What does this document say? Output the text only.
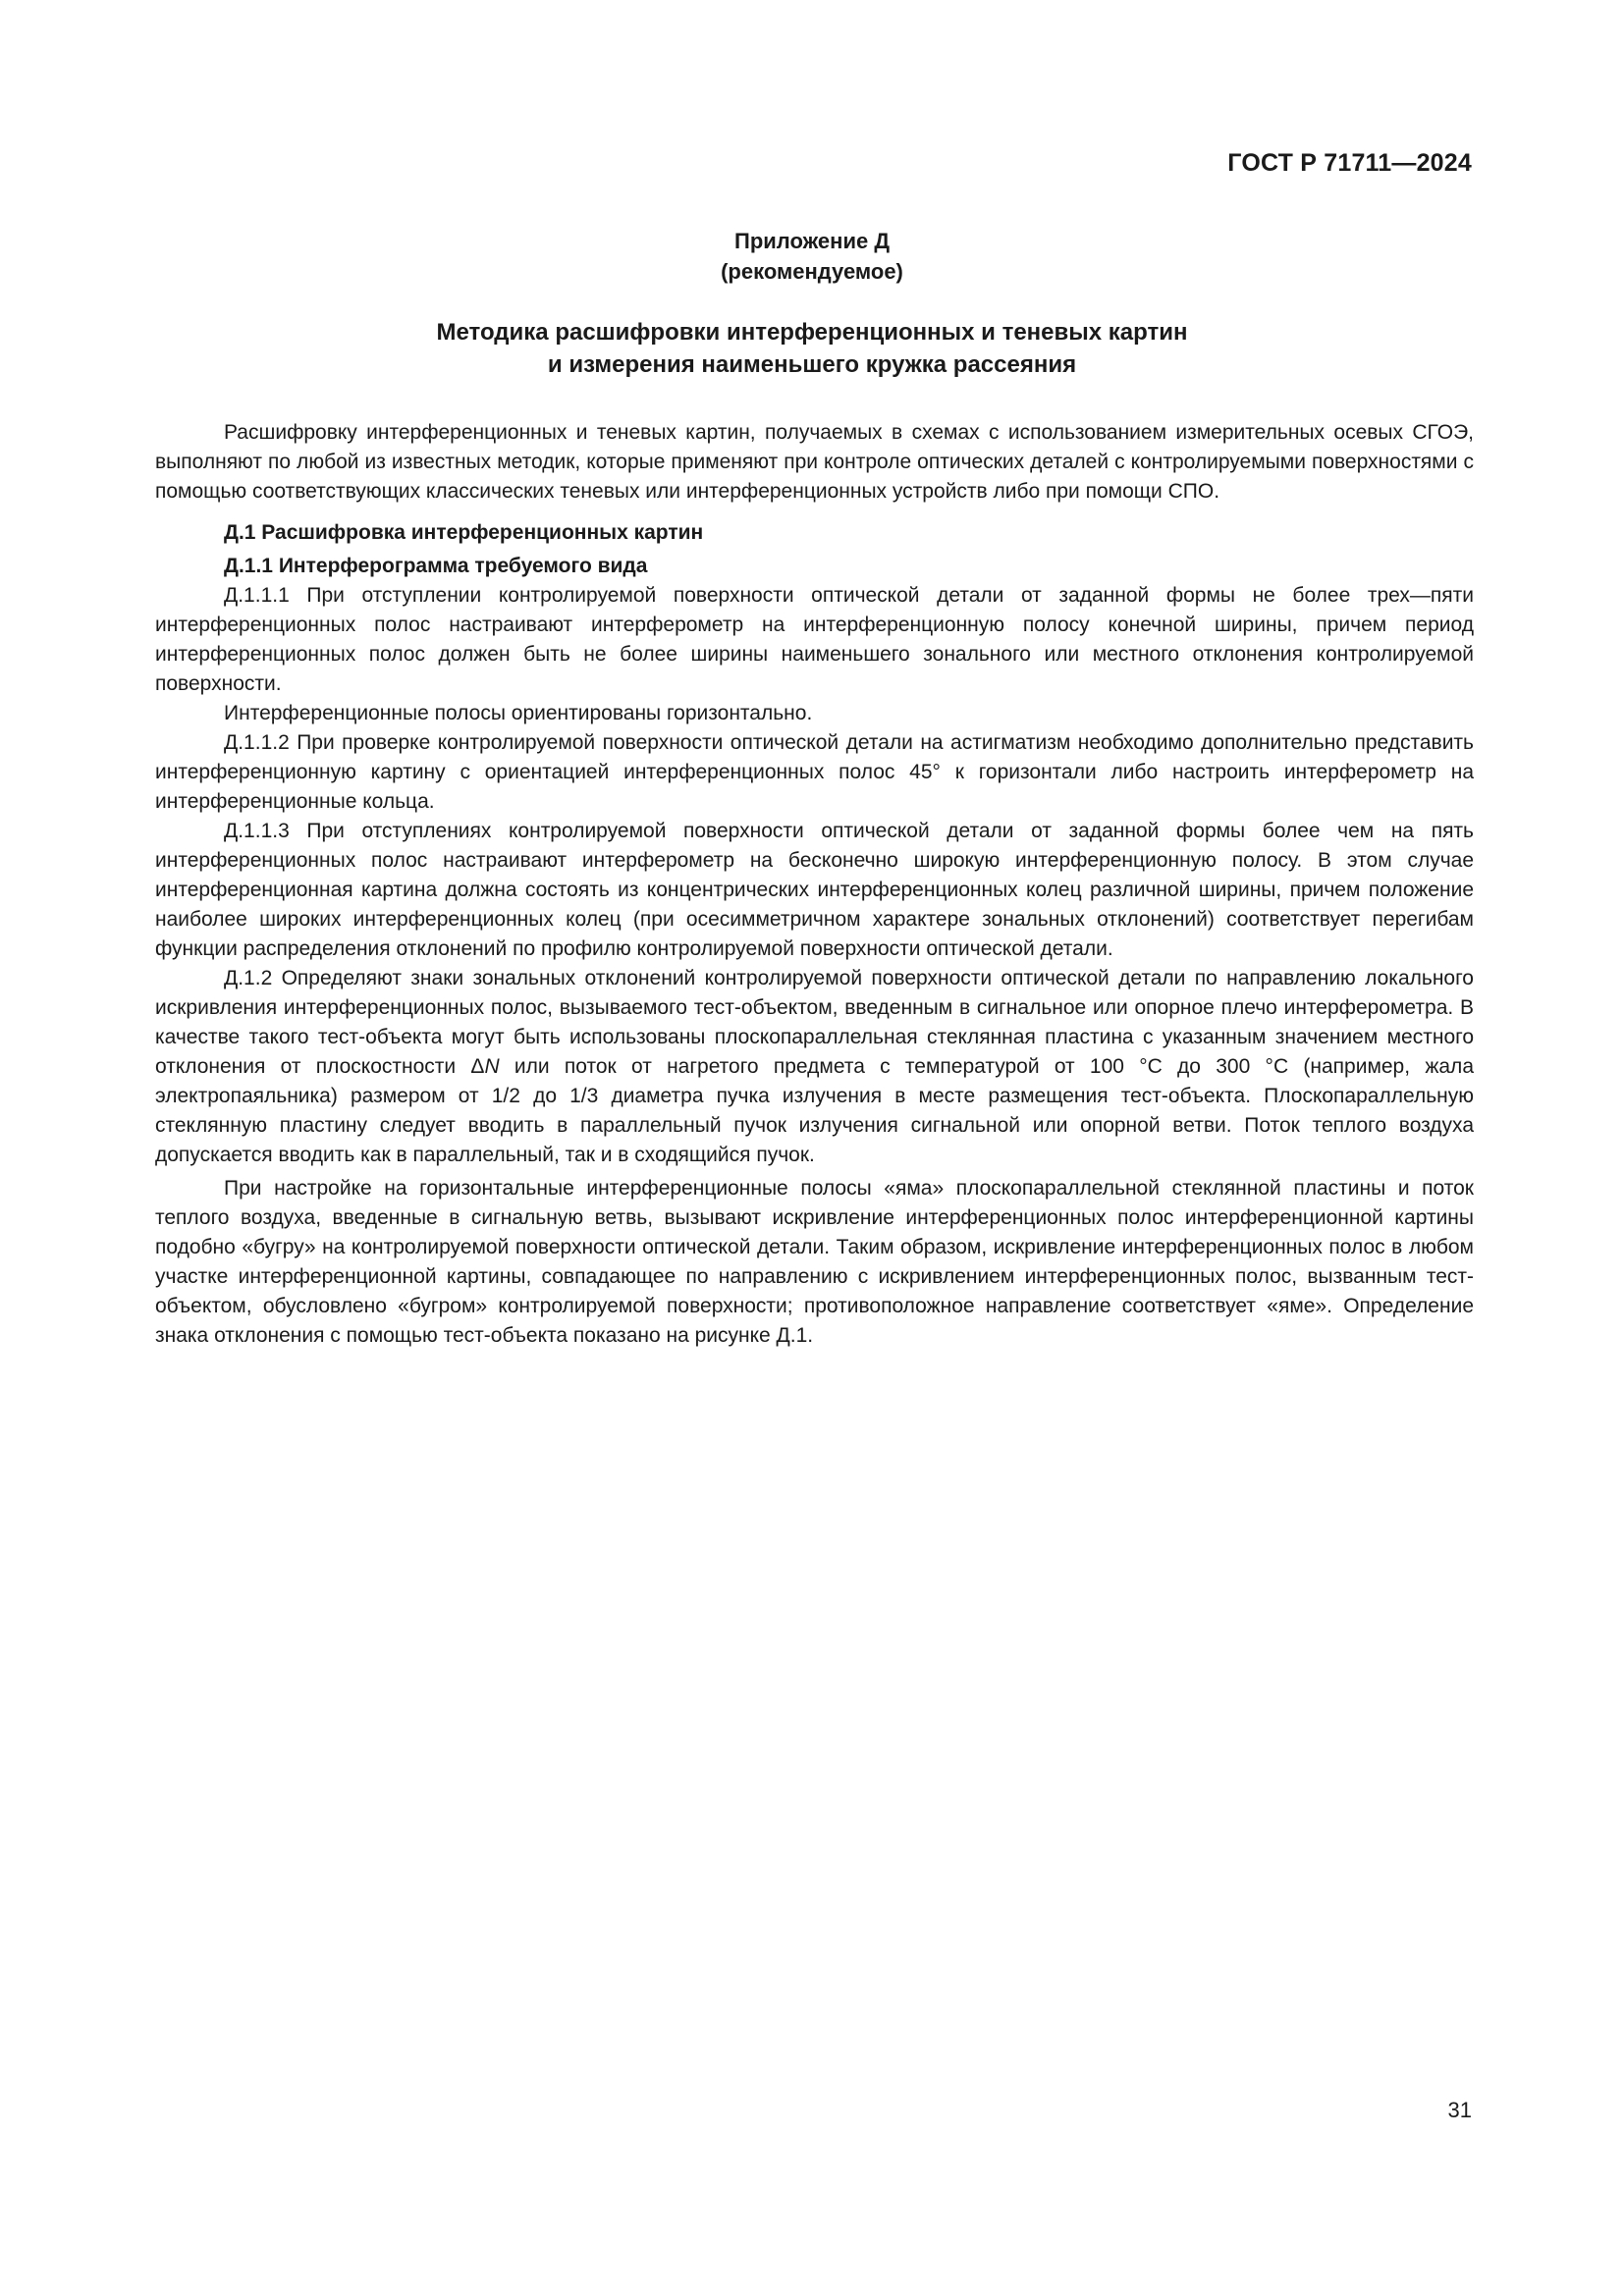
ГОСТ Р 71711—2024
Приложение Д
(рекомендуемое)
Методика расшифровки интерференционных и теневых картин
и измерения наименьшего кружка рассеяния

Расшифровку интерференционных и теневых картин, получаемых в схемах с использованием измерительных осевых СГОЭ, выполняют по любой из известных методик, которые применяют при контроле оптических деталей с контролируемыми поверхностями с помощью соответствующих классических теневых или интерференционных устройств либо при помощи СПО.

Д.1 Расшифровка интерференционных картин

Д.1.1 Интерферограмма требуемого вида

Д.1.1.1 При отступлении контролируемой поверхности оптической детали от заданной формы не более трех—пяти интерференционных полос настраивают интерферометр на интерференционную полосу конечной ширины, причем период интерференционных полос должен быть не более ширины наименьшего зонального или местного отклонения контролируемой поверхности.

Интерференционные полосы ориентированы горизонтально.

Д.1.1.2 При проверке контролируемой поверхности оптической детали на астигматизм необходимо дополнительно представить интерференционную картину с ориентацией интерференционных полос 45° к горизонтали либо настроить интерферометр на интерференционные кольца.

Д.1.1.3 При отступлениях контролируемой поверхности оптической детали от заданной формы более чем на пять интерференционных полос настраивают интерферометр на бесконечно широкую интерференционную полосу. В этом случае интерференционная картина должна состоять из концентрических интерференционных колец различной ширины, причем положение наиболее широких интерференционных колец (при осесимметричном характере зональных отклонений) соответствует перегибам функции распределения отклонений по профилю контролируемой поверхности оптической детали.

Д.1.2 Определяют знаки зональных отклонений контролируемой поверхности оптической детали по направлению локального искривления интерференционных полос, вызываемого тест-объектом, введенным в сигнальное или опорное плечо интерферометра. В качестве такого тест-объекта могут быть использованы плоскопараллельная стеклянная пластина с указанным значением местного отклонения от плоскостности ΔN или поток от нагретого предмета с температурой от 100 °С до 300 °С (например, жала электропаяльника) размером от 1/2 до 1/3 диаметра пучка излучения в месте размещения тест-объекта. Плоскопараллельную стеклянную пластину следует вводить в параллельный пучок излучения сигнальной или опорной ветви. Поток теплого воздуха допускается вводить как в параллельный, так и в сходящийся пучок.

При настройке на горизонтальные интерференционные полосы «яма» плоскопараллельной стеклянной пластины и поток теплого воздуха, введенные в сигнальную ветвь, вызывают искривление интерференционных полос интерференционной картины подобно «бугру» на контролируемой поверхности оптической детали. Таким образом, искривление интерференционных полос в любом участке интерференционной картины, совпадающее по направлению с искривлением интерференционных полос, вызванным тест-объектом, обусловлено «бугром» контролируемой поверхности; противоположное направление соответствует «яме». Определение знака отклонения с помощью тест-объекта показано на рисунке Д.1.

31
